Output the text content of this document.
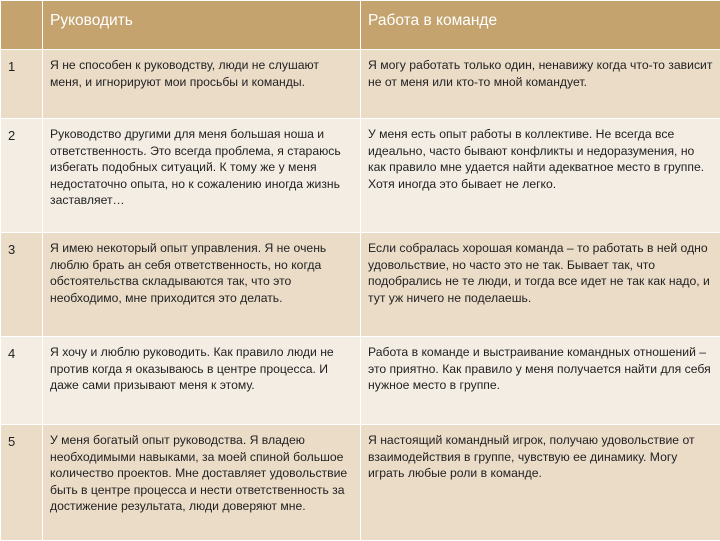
	Руководить	Работа в команде
1	Я не способен к руководству, люди не слушают меня, и игнорируют мои просьбы и команды.	Я могу работать только один, ненавижу когда что-то зависит не от меня или кто-то мной командует.
2	Руководство другими для меня большая ноша и ответственность. Это всегда проблема, я стараюсь избегать подобных ситуаций. К тому же у меня недостаточно опыта, но к сожалению иногда жизнь заставляет…	У меня есть опыт работы в коллективе. Не всегда все идеально, часто бывают конфликты и недоразумения, но как правило мне удается найти адекватное место в группе. Хотя иногда это бывает не легко.
3	Я имею некоторый опыт управления. Я не очень люблю брать ан себя ответственность, но когда обстоятельства складываются так, что это необходимо, мне приходится это делать.	Если собралась хорошая команда – то работать в ней одно удовольствие, но часто это не так. Бывает так, что подобрались не те люди, и тогда все идет не так как надо, и тут уж ничего не поделаешь.
4	Я хочу и люблю руководить. Как правило люди не против когда я оказываюсь в центре процесса. И даже сами призывают меня к этому.	Работа в команде и выстраивание командных отношений – это приятно. Как правило у меня получается найти для себя нужное место в группе.
5	У меня богатый опыт руководства. Я владею необходимыми навыками, за моей спиной большое количество проектов. Мне доставляет удовольствие быть в центре процесса и нести ответственность за достижение результата, люди доверяют мне.	Я настоящий командный игрок, получаю удовольствие от взаимодействия в группе, чувствую ее динамику. Могу играть любые роли в команде.
